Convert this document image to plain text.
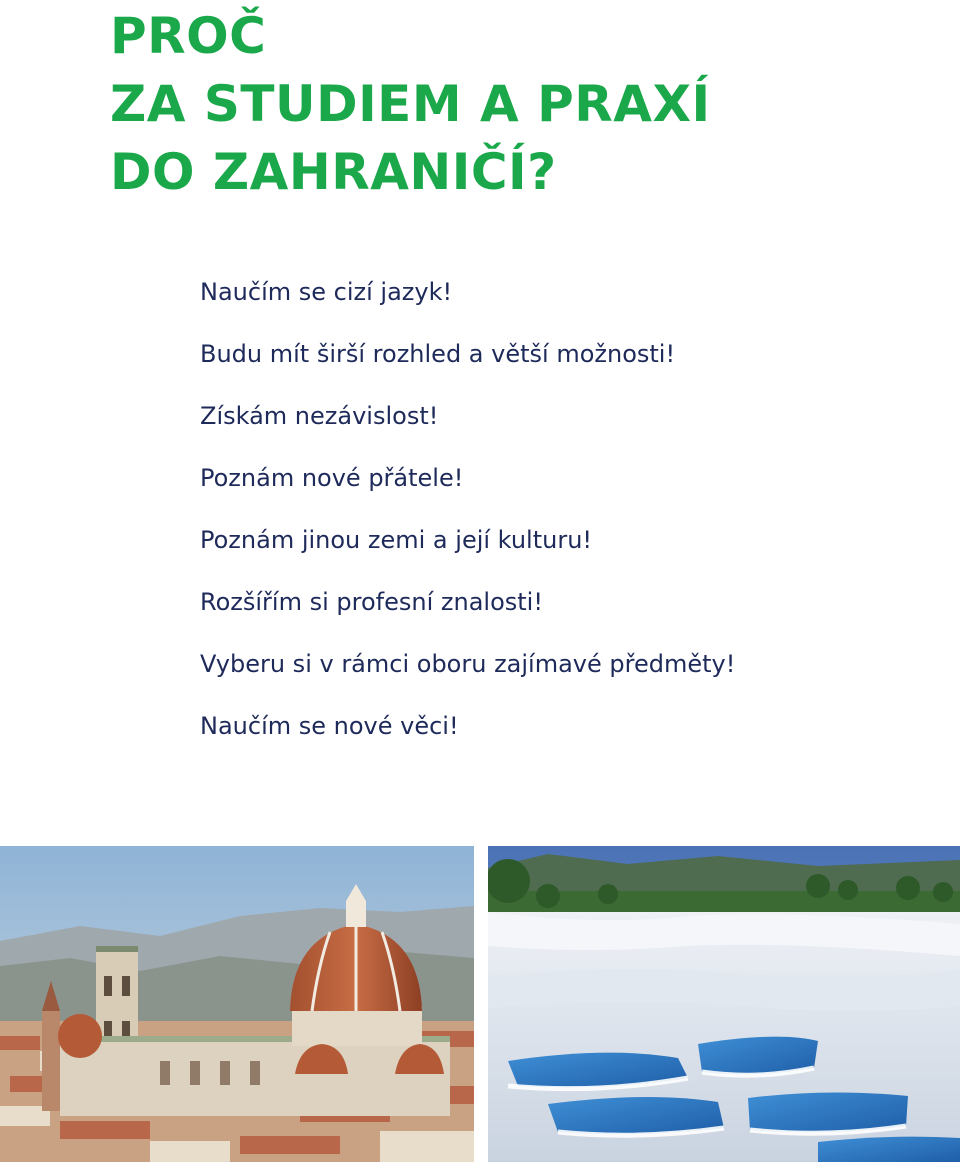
PROČ
ZA STUDIEM A PRAXÍ
DO ZAHRANIČÍ?
Naučím se cizí jazyk!
Budu mít širší rozhled a větší možnosti!
Získám nezávislost!
Poznám nové přátele!
Poznám jinou zemi a její kulturu!
Rozšířím si profesní znalosti!
Vyberu si v rámci oboru zajímavé předměty!
Naučím se nové věci!
